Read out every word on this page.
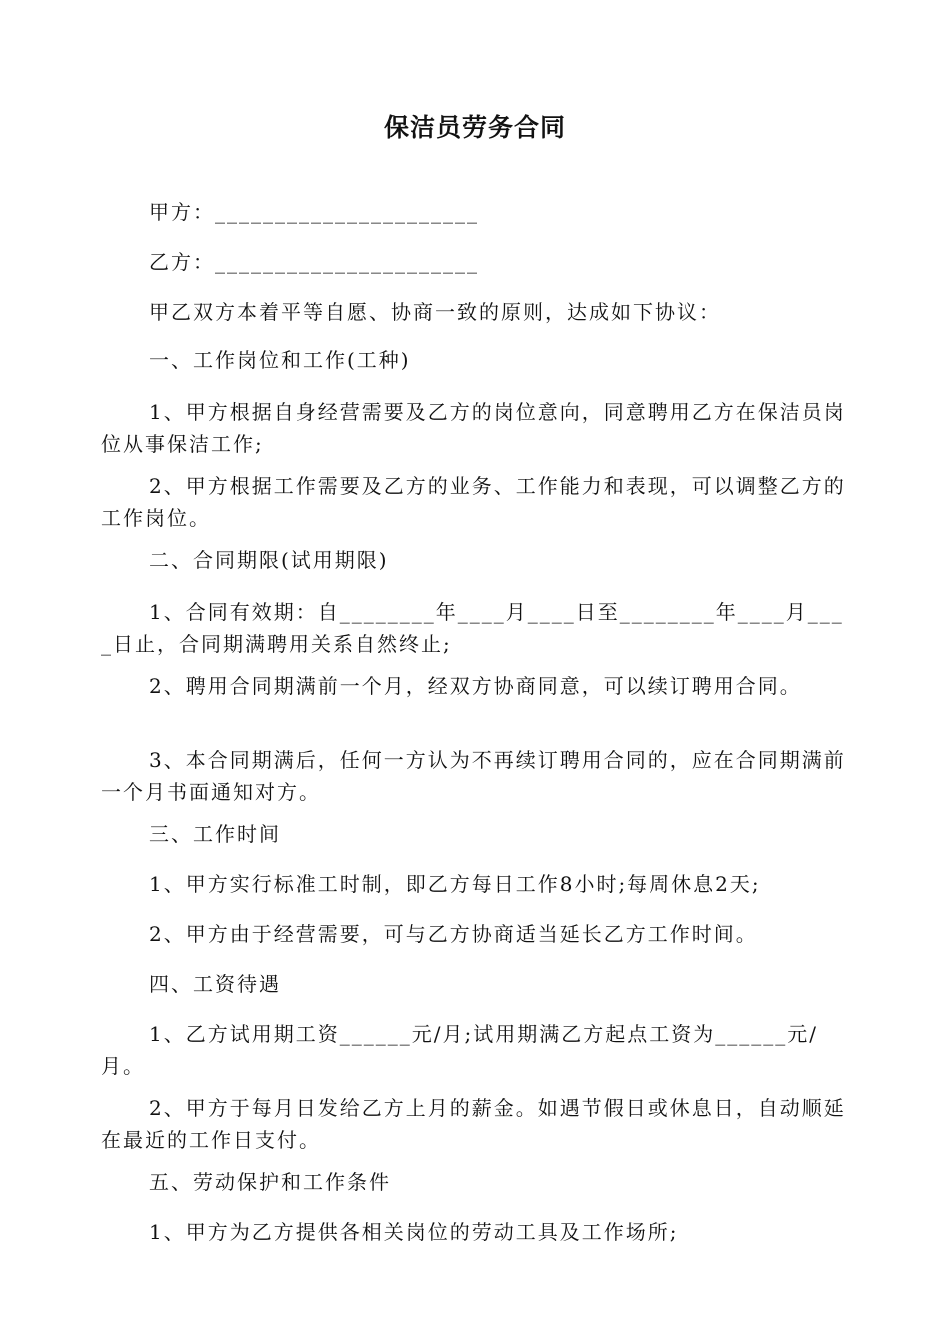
保洁员劳务合同

甲方：______________________

乙方：______________________

甲乙双方本着平等自愿、协商一致的原则，达成如下协议：

一、工作岗位和工作(工种)

1、甲方根据自身经营需要及乙方的岗位意向，同意聘用乙方在保洁员岗位从事保洁工作;

2、甲方根据工作需要及乙方的业务、工作能力和表现，可以调整乙方的工作岗位。

二、合同期限(试用期限)

1、合同有效期：自________年____月____日至________年____月____日止，合同期满聘用关系自然终止;

2、聘用合同期满前一个月，经双方协商同意，可以续订聘用合同。

3、本合同期满后，任何一方认为不再续订聘用合同的，应在合同期满前一个月书面通知对方。

三、工作时间

1、甲方实行标准工时制，即乙方每日工作8小时;每周休息2天;

2、甲方由于经营需要，可与乙方协商适当延长乙方工作时间。

四、工资待遇

1、乙方试用期工资______元/月;试用期满乙方起点工资为______元/月。

2、甲方于每月日发给乙方上月的薪金。如遇节假日或休息日，自动顺延在最近的工作日支付。

五、劳动保护和工作条件

1、甲方为乙方提供各相关岗位的劳动工具及工作场所;
